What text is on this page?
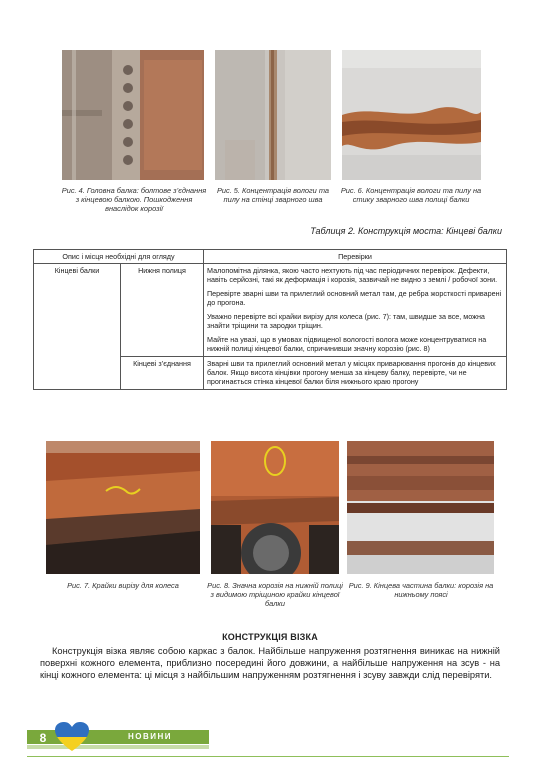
Рис. 4. Головна балка: болтове з’єднання з кінцевою балкою. Пошкодження внаслідок корозії
Рис. 5. Концентрація вологи та пилу на стінці зварного шва
Рис. 6. Концентрація вологи та пилу на стику зварного шва полиці балки
Таблиця 2. Конструкція моста: Кінцеві балки
Опис і місця необхідні для огляду		Перевірки
Кінцеві балки	Нижня полиця	Малопомітна ділянка, якою часто нехтують під час періодичних перевірок. Дефекти, навіть серйозні, такі як деформація і корозія, зазвичай не видно з землі / робочої зони.

Перевірте зварні шви та прилеглий основний метал там, де ребра жорсткості приварені до прогона.

Уважно перевірте всі крайки вирізу для колеса (рис. 7): там, швидше за все, можна знайти тріщини та зародки тріщин.

Майте на увазі, що в умовах підвищеної вологості волога може концентруватися на нижній полиці кінцевої балки, спричинивши значну корозію (рис. 8)

	Кінцеві з’єднання	Зварні шви та прилеглий основний метал у місцях приварювання прогонів до кінцевих балок. Якщо висота кінцівки прогону менша за кінцеву балку, перевірте, чи не прогинається стінка кінцевої балки біля нижнього краю прогону

Рис. 7. Крайки вирізу для колеса	Рис. 8. Значна корозія на нижній полиці з видимою тріщиною крайки кінцевої балки
Рис. 9. Кінцева частина балки: корозія на нижньому поясі
КОНСТРУКЦІЯ ВІЗКА
Конструкція візка являє собою каркас з балок. Найбільше напруження розтягнення виникає на нижній поверхні кожного елемента, приблизно посередині його довжини, а найбільше напруження на зсув - на кінці кожного елемента: ці місця з найбільшим напруженням розтягнення і зсуву завжди слід перевіряти.
8	НОВИНИ
